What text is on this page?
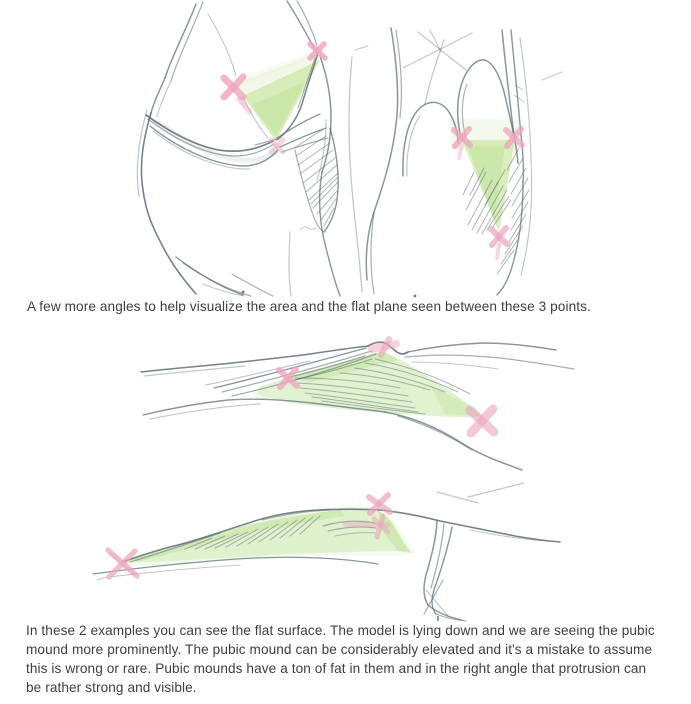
A few more angles to help visualize the area and the flat plane seen between these 3 points.
In these 2 examples you can see the flat surface. The model is lying down and we are seeing the pubic
mound more prominently. The pubic mound can be considerably elevated and it's a mistake to assume
this is wrong or rare. Pubic mounds have a ton of fat in them and in the right angle that protrusion can
be rather strong and visible.
